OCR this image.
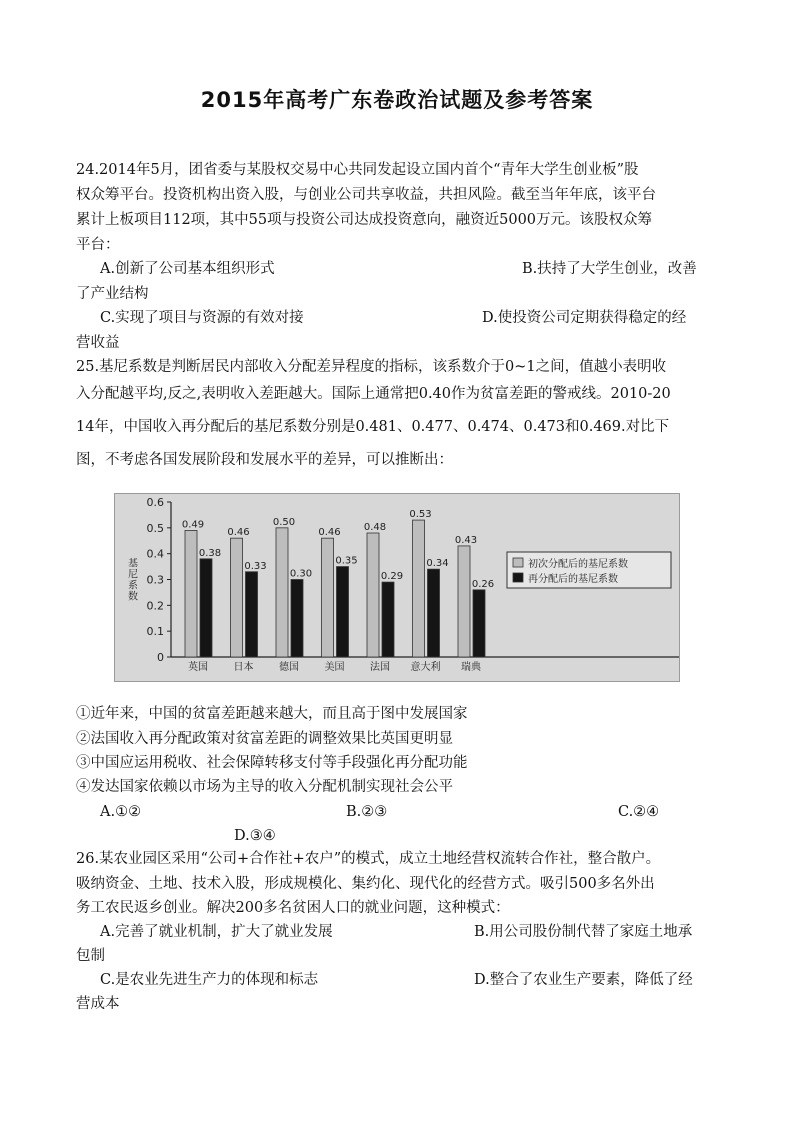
2015年高考广东卷政治试题及参考答案
24.2014年5月，团省委与某股权交易中心共同发起设立国内首个“青年大学生创业板”股
权众筹平台。投资机构出资入股，与创业公司共享收益，共担风险。截至当年年底，该平台
累计上板项目112项，其中55项与投资公司达成投资意向，融资近5000万元。该股权众筹
平台：
A.创新了公司基本组织形式	B.扶持了大学生创业，改善
了产业结构
C.实现了项目与资源的有效对接	D.使投资公司定期获得稳定的经
营收益
25.基尼系数是判断居民内部收入分配差异程度的指标，该系数介于0~1之间，值越小表明收
入分配越平均,反之,表明收入差距越大。国际上通常把0.40作为贫富差距的警戒线。2010-20
14年，中国收入再分配后的基尼系数分别是0.481、0.477、0.474、0.473和0.469.对比下
图，不考虑各国发展阶段和发展水平的差异，可以推断出：
0
0.1
0.2
0.3
0.4
0.5
0.6
基尼系数
0.49
0.38
英国
0.46
0.33
日本
0.50
0.30
德国
0.46
0.35
美国
0.48
0.29
法国
0.53
0.34
意大利
0.43
0.26
瑞典
初次分配后的基尼系数
再分配后的基尼系数
①近年来，中国的贫富差距越来越大，而且高于图中发展国家
②法国收入再分配政策对贫富差距的调整效果比英国更明显
③中国应运用税收、社会保障转移支付等手段强化再分配功能
④发达国家依赖以市场为主导的收入分配机制实现社会公平
A.①②	B.②③	C.②④
D.③④
26.某农业园区采用“公司+合作社+农户”的模式，成立土地经营权流转合作社，整合散户。
吸纳资金、土地、技术入股，形成规模化、集约化、现代化的经营方式。吸引500多名外出
务工农民返乡创业。解决200多名贫困人口的就业问题，这种模式：
A.完善了就业机制，扩大了就业发展	B.用公司股份制代替了家庭土地承
包制
C.是农业先进生产力的体现和标志	D.整合了农业生产要素，降低了经
营成本
